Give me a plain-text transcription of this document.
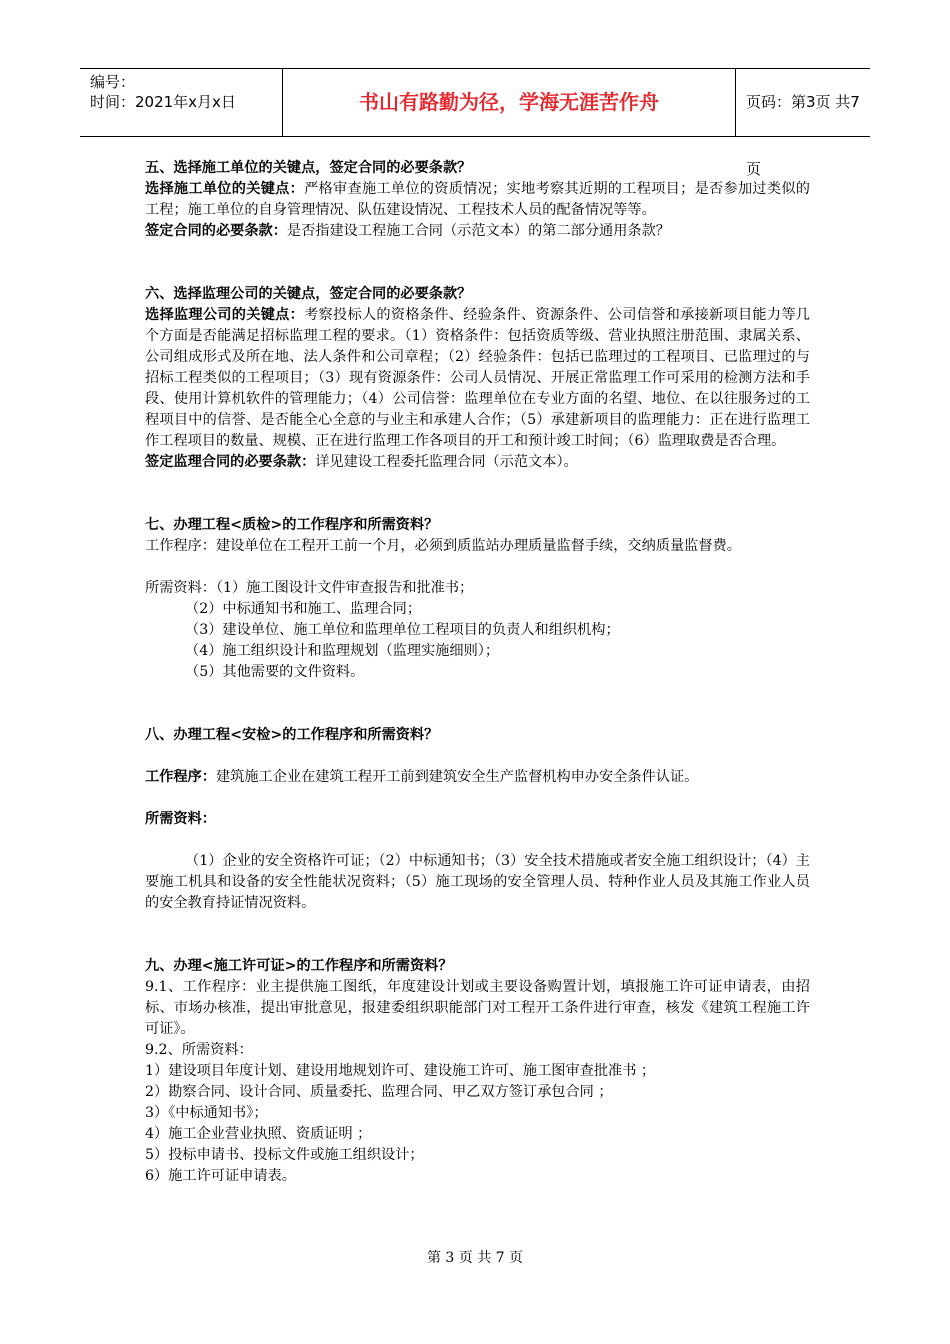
编号：
时间：2021年x月x日	书山有路勤为径，学海无涯苦作舟	页码：第3页 共7页

五、选择施工单位的关键点，签定合同的必要条款？

选择施工单位的关键点：严格审查施工单位的资质情况；实地考察其近期的工程项目；是否参加过类似的工程；施工单位的自身管理情况、队伍建设情况、工程技术人员的配备情况等等。

签定合同的必要条款：是否指建设工程施工合同（示范文本）的第二部分通用条款？

六、选择监理公司的关键点，签定合同的必要条款？

选择监理公司的关键点：考察投标人的资格条件、经验条件、资源条件、公司信誉和承接新项目能力等几个方面是否能满足招标监理工程的要求。（1）资格条件：包括资质等级、营业执照注册范围、隶属关系、公司组成形式及所在地、法人条件和公司章程；（2）经验条件：包括已监理过的工程项目、已监理过的与招标工程类似的工程项目；（3）现有资源条件：公司人员情况、开展正常监理工作可采用的检测方法和手段、使用计算机软件的管理能力；（4）公司信誉：监理单位在专业方面的名望、地位、在以往服务过的工程项目中的信誉、是否能全心全意的与业主和承建人合作；（5）承建新项目的监理能力：正在进行监理工作工程项目的数量、规模、正在进行监理工作各项目的开工和预计竣工时间；（6）监理取费是否合理。

签定监理合同的必要条款：详见建设工程委托监理合同（示范文本）。

七、办理工程<质检>的工作程序和所需资料？

工作程序：建设单位在工程开工前一个月，必须到质监站办理质量监督手续，交纳质量监督费。

所需资料：（1）施工图设计文件审查报告和批准书；

（2）中标通知书和施工、监理合同；

（3）建设单位、施工单位和监理单位工程项目的负责人和组织机构；

（4）施工组织设计和监理规划（监理实施细则）；

（5）其他需要的文件资料。

八、办理工程<安检>的工作程序和所需资料？

工作程序：建筑施工企业在建筑工程开工前到建筑安全生产监督机构申办安全条件认证。

所需资料：

（1）企业的安全资格许可证；（2）中标通知书；（3）安全技术措施或者安全施工组织设计；（4）主要施工机具和设备的安全性能状况资料；（5）施工现场的安全管理人员、特种作业人员及其施工作业人员的安全教育持证情况资料。

九、办理<施工许可证>的工作程序和所需资料？

9.1、工作程序：业主提供施工图纸，年度建设计划或主要设备购置计划，填报施工许可证申请表，由招标、市场办核准，提出审批意见，报建委组织职能部门对工程开工条件进行审查，核发《建筑工程施工许可证》。

9.2、所需资料：

1）建设项目年度计划、建设用地规划许可、建设施工许可、施工图审查批准书 ；

2）勘察合同、设计合同、质量委托、监理合同、甲乙双方签订承包合同 ；

3）《中标通知书》；

4）施工企业营业执照、资质证明 ；

5）投标申请书、投标文件或施工组织设计；

6）施工许可证申请表。

第 3 页 共 7 页
